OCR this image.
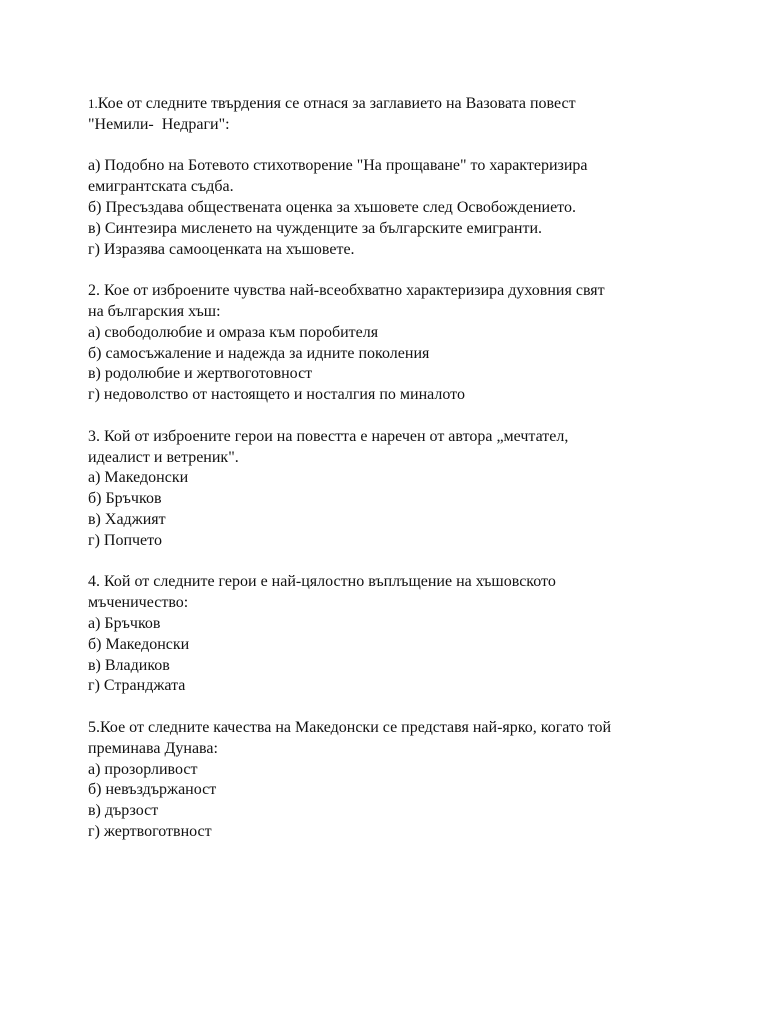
1.Кое от следните твърдения се отнася за заглавието на Вазовата повест

"Немили-  Недраги":

а) Подобно на Ботевото стихотворение "На прощаване" то характеризира
емигрантската съдба.
б) Пресъздава обществената оценка за хъшовете след Освобождението.
в) Синтезира мисленето на чужденците за българските емигранти.
г) Изразява самооценката на хъшовете.

2. Кое от изброените чувства най-всеобхватно характеризира духовния свят

на българския хъш:

а) свободолюбие и омраза към поробителя
б) самосъжаление и надежда за идните поколения
в) родолюбие и жертвоготовност
г) недоволство от настоящето и носталгия по миналото

3. Кой от изброените герои на повестта е наречен от автора „мечтател,

идеалист и ветреник".

а) Македонски
б) Бръчков
в) Хаджият
г) Попчето

4. Кой от следните герои е най-цялостно въплъщение на хъшовското

мъченичество:

а) Бръчков
б) Македонски
в) Владиков
г) Странджата

5.Кое от следните качества на Македонски се представя най-ярко, когато той

преминава Дунава:

а) прозорливост
б) невъздържаност
в) дързост
г) жертвоготвност
